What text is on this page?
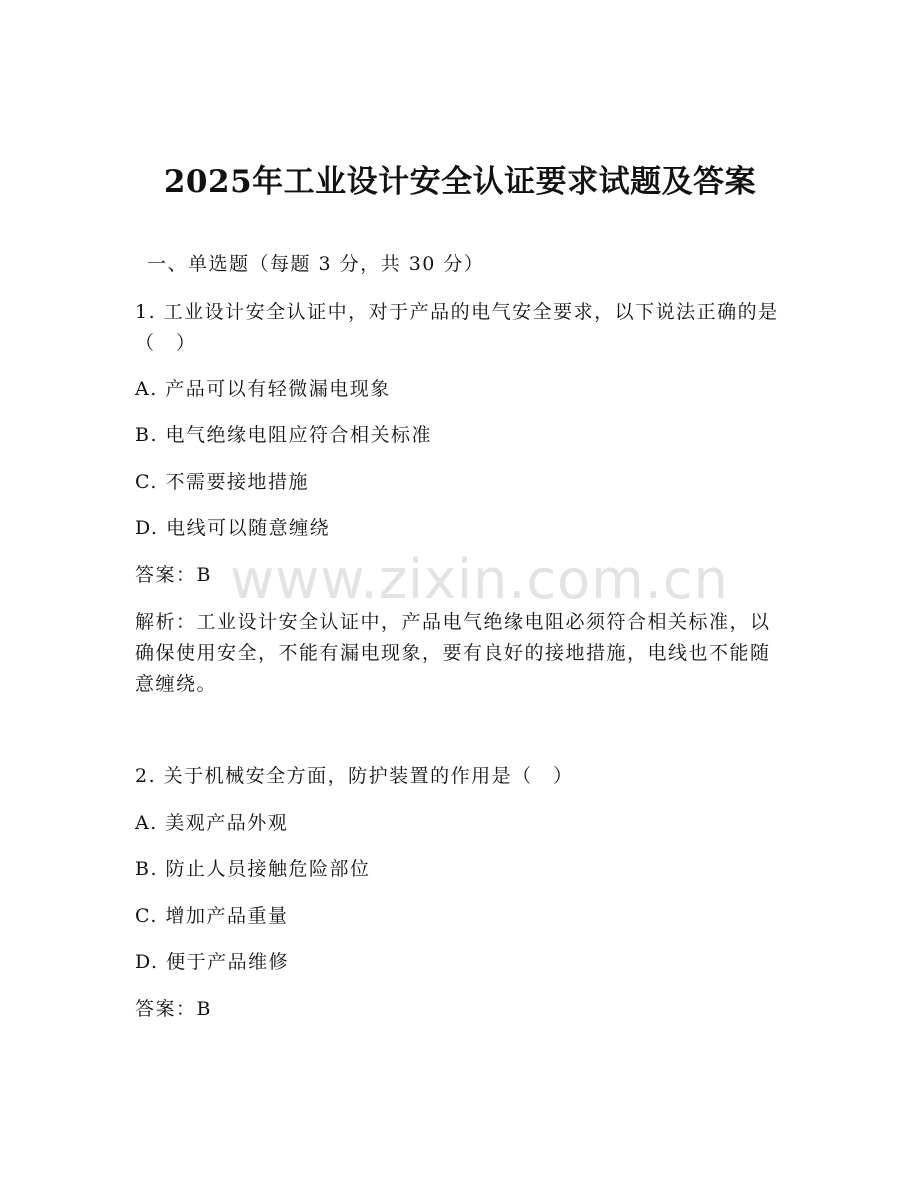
2025年工业设计安全认证要求试题及答案
一、单选题（每题 3 分，共 30 分）
1. 工业设计安全认证中，对于产品的电气安全要求，以下说法正确的是（　）
A. 产品可以有轻微漏电现象
B. 电气绝缘电阻应符合相关标准
C. 不需要接地措施
D. 电线可以随意缠绕
答案：B
解析：工业设计安全认证中，产品电气绝缘电阻必须符合相关标准，以确保使用安全，不能有漏电现象，要有良好的接地措施，电线也不能随意缠绕。
2. 关于机械安全方面，防护装置的作用是（　）
A. 美观产品外观
B. 防止人员接触危险部位
C. 增加产品重量
D. 便于产品维修
答案：B
www.zixin.com.cn
